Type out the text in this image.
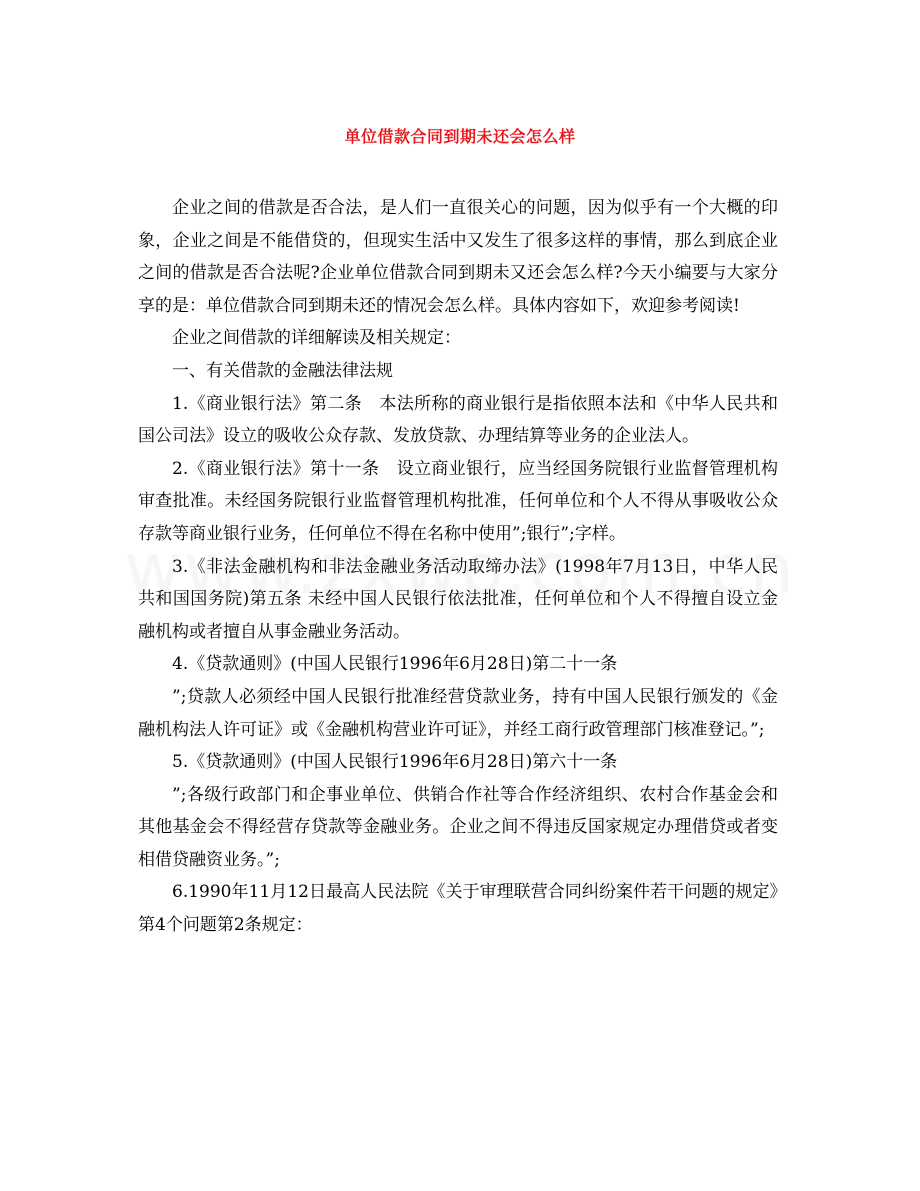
单位借款合同到期未还会怎么样

企业之间的借款是否合法，是人们一直很关心的问题，因为似乎有一个大概的印象，企业之间是不能借贷的，但现实生活中又发生了很多这样的事情，那么到底企业之间的借款是否合法呢?企业单位借款合同到期未又还会怎么样?今天小编要与大家分享的是：单位借款合同到期未还的情况会怎么样。具体内容如下，欢迎参考阅读!

企业之间借款的详细解读及相关规定：

一、有关借款的金融法律法规

1.《商业银行法》第二条　本法所称的商业银行是指依照本法和《中华人民共和国公司法》设立的吸收公众存款、发放贷款、办理结算等业务的企业法人。

2.《商业银行法》第十一条　设立商业银行，应当经国务院银行业监督管理机构审查批准。未经国务院银行业监督管理机构批准，任何单位和个人不得从事吸收公众存款等商业银行业务，任何单位不得在名称中使用”;银行”;字样。

3.《非法金融机构和非法金融业务活动取缔办法》(1998年7月13日，中华人民共和国国务院)第五条 未经中国人民银行依法批准，任何单位和个人不得擅自设立金融机构或者擅自从事金融业务活动。

4.《贷款通则》(中国人民银行1996年6月28日)第二十一条

”;贷款人必须经中国人民银行批准经营贷款业务，持有中国人民银行颁发的《金融机构法人许可证》或《金融机构营业许可证》，并经工商行政管理部门核准登记。”;

5.《贷款通则》(中国人民银行1996年6月28日)第六十一条

”;各级行政部门和企事业单位、供销合作社等合作经济组织、农村合作基金会和其他基金会不得经营存贷款等金融业务。企业之间不得违反国家规定办理借贷或者变相借贷融资业务。”;

6.1990年11月12日最高人民法院《关于审理联营合同纠纷案件若干问题的规定》第4个问题第2条规定：
